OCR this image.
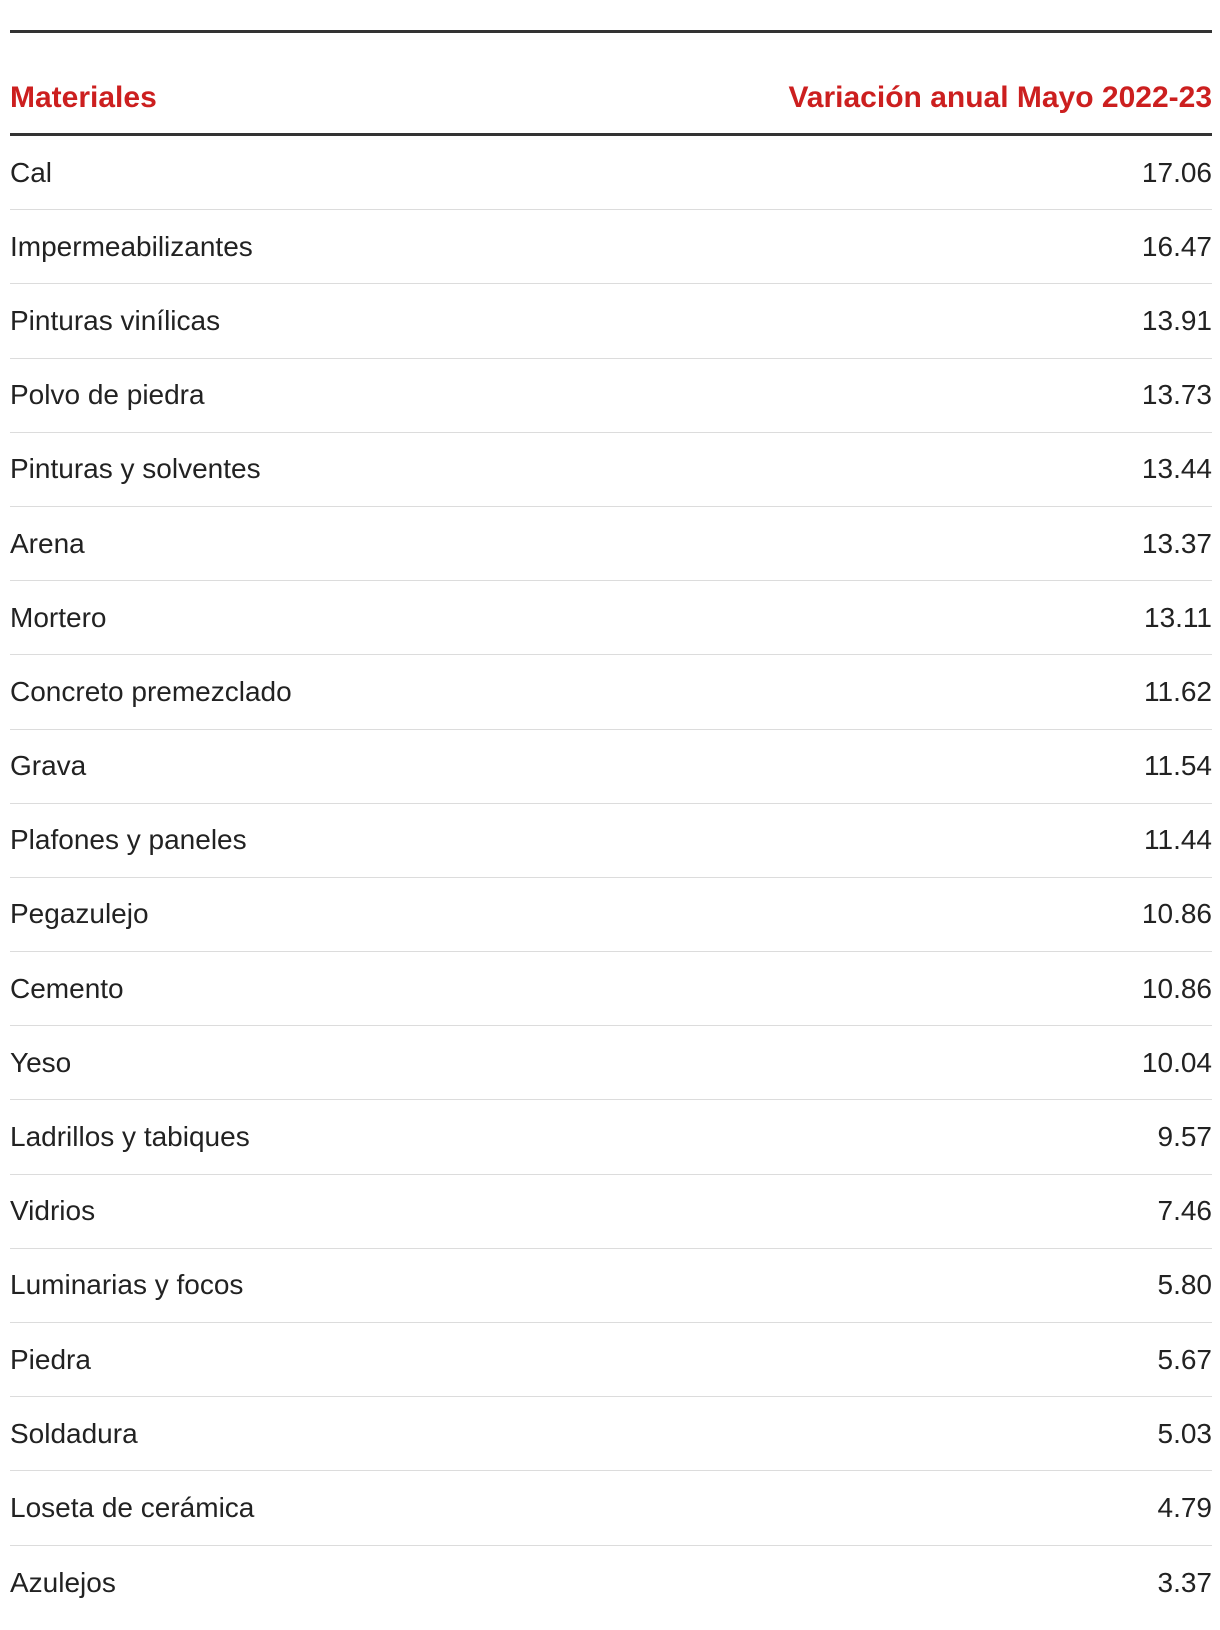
Materiales	Variación anual Mayo 2022-23
Cal	17.06
Impermeabilizantes	16.47
Pinturas vinílicas	13.91
Polvo de piedra	13.73
Pinturas y solventes	13.44
Arena	13.37
Mortero	13.11
Concreto premezclado	11.62
Grava	11.54
Plafones y paneles	11.44
Pegazulejo	10.86
Cemento	10.86
Yeso	10.04
Ladrillos y tabiques	9.57
Vidrios	7.46
Luminarias y focos	5.80
Piedra	5.67
Soldadura	5.03
Loseta de cerámica	4.79
Azulejos	3.37
